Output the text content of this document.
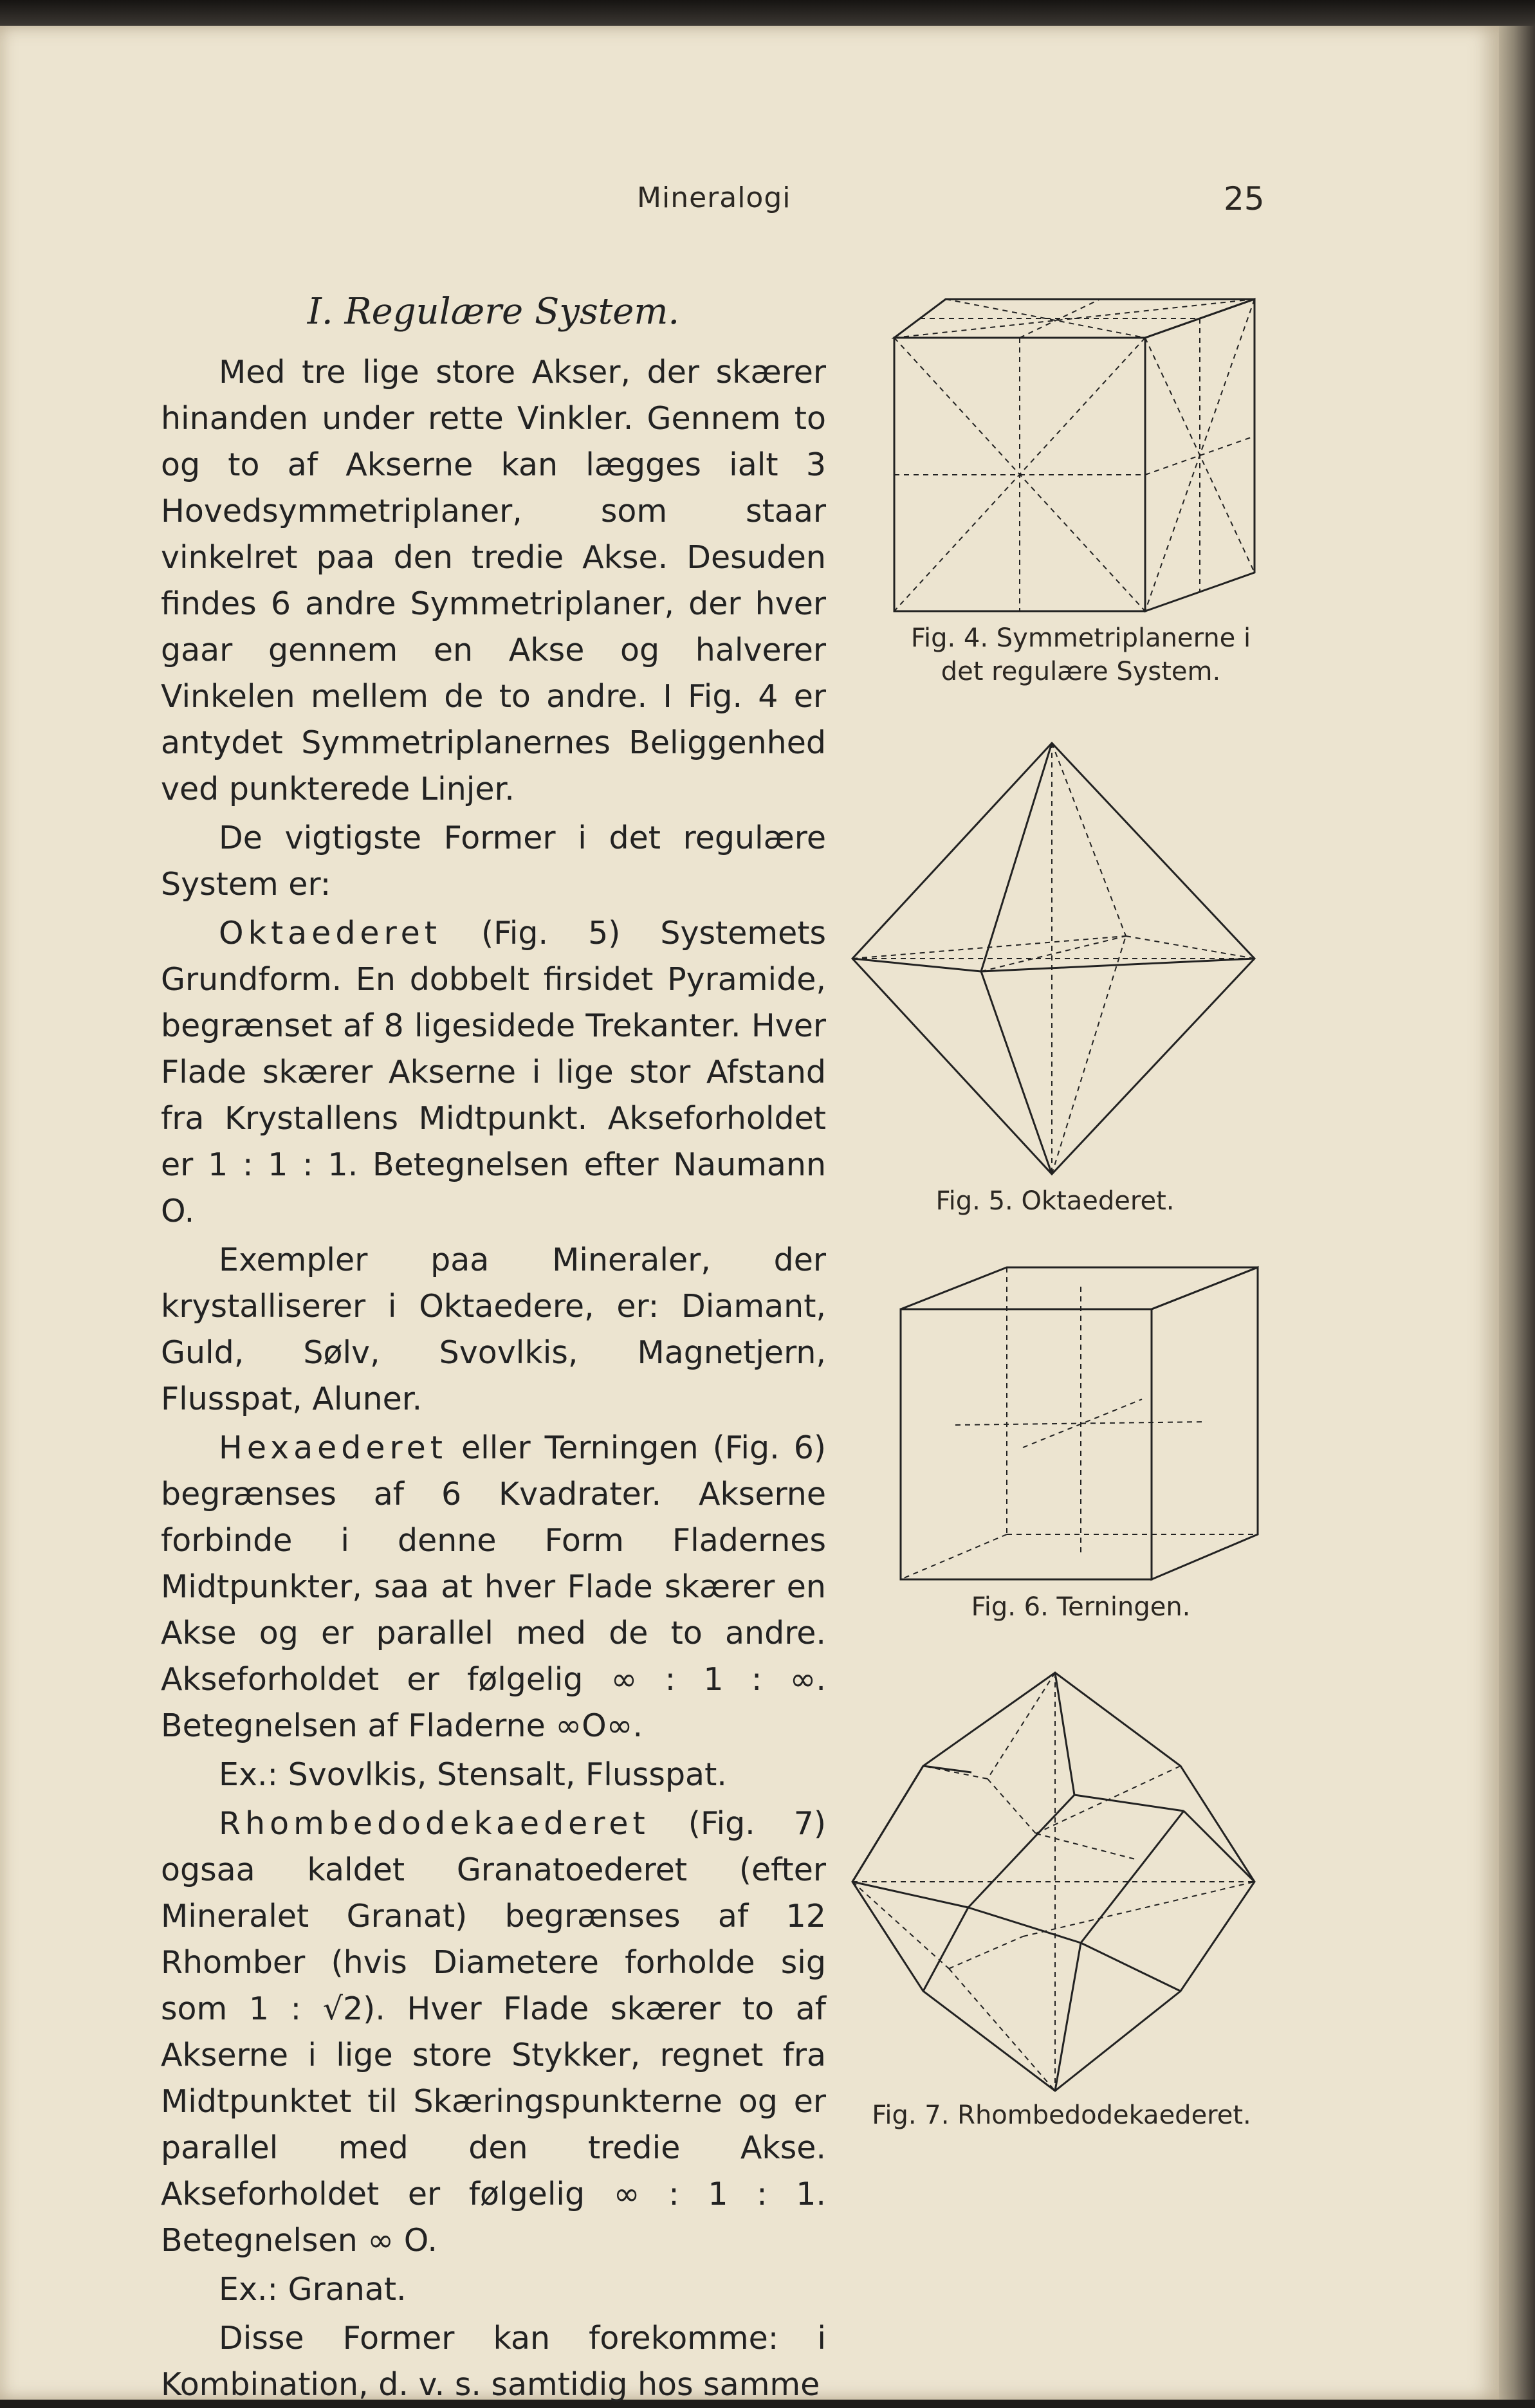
Mineralogi	25
I. Regulære System.

Med tre lige store Akser, der skærer hinanden under rette Vinkler. Gennem to og to af Akserne kan lægges ialt 3 Hovedsymmetriplaner, som staar vinkelret paa den tredie Akse. Desuden findes 6 andre Symmetriplaner, der hver gaar gennem en Akse og halverer Vinkelen mellem de to andre. I Fig. 4 er antydet Symmetriplanernes Beliggenhed ved punkterede Linjer.

De vigtigste Former i det regulære System er:

Oktaederet (Fig. 5) Systemets Grundform. En dobbelt firsidet Pyramide, begrænset af 8 ligesidede Trekanter. Hver Flade skærer Akserne i lige stor Afstand fra Krystallens Midtpunkt. Akseforholdet er 1 : 1 : 1. Betegnelsen efter Naumann O.

Exempler paa Mineraler, der krystalliserer i Oktaedere, er: Diamant, Guld, Sølv, Svovlkis, Magnetjern, Flusspat, Aluner.

Hexaederet eller Terningen (Fig. 6) begrænses af 6 Kvadrater. Akserne forbinde i denne Form Fladernes Midtpunkter, saa at hver Flade skærer en Akse og er parallel med de to andre. Akseforholdet er følgelig ∞ : 1 : ∞. Betegnelsen af Fladerne ∞O∞.

Ex.: Svovlkis, Stensalt, Flusspat.

Rhombedodekaederet (Fig. 7) ogsaa kaldet Granatoederet (efter Mineralet Granat) begrænses af 12 Rhomber (hvis Diametere forholde sig som 1 : √2). Hver Flade skærer to af Akserne i lige store Stykker, regnet fra Midtpunktet til Skæringspunkterne og er parallel med den tredie Akse. Akseforholdet er følgelig ∞ : 1 : 1. Betegnelsen ∞ O.

Ex.: Granat.

Disse Former kan forekomme: i Kombination, d. v. s. samtidig hos samme

Fig. 4. Symmetriplanerne i det regulære System.
Fig. 5. Oktaederet.
Fig. 6. Terningen.
Fig. 7. Rhombedodekaederet.
